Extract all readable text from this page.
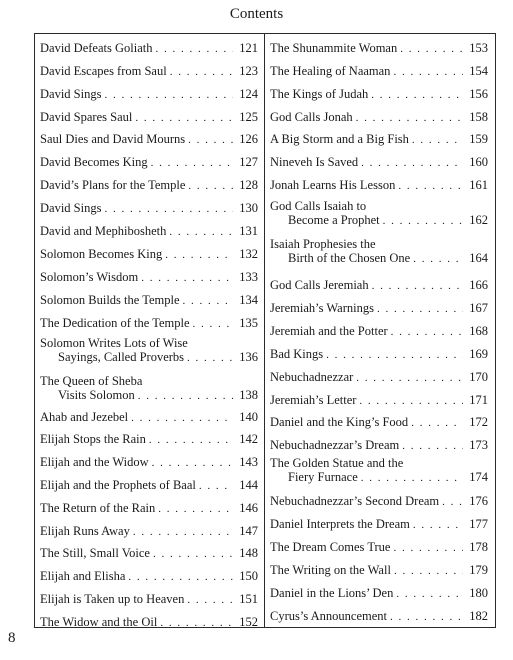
Contents
David Defeats Goliath . . .	121
David Escapes from Saul . . .	123
David Sings . . .	124
David Spares Saul . . .	125
Saul Dies and David Mourns . . .	126
David Becomes King . . .	127
David’s Plans for the Temple . . .	128
David Sings . . .	130
David and Mephibosheth . . .	131
Solomon Becomes King . . .	132
Solomon’s Wisdom . . .	133
Solomon Builds the Temple . . .	134
The Dedication of the Temple . . .	135
Solomon Writes Lots of Wise
Sayings, Called Proverbs . . .	136
The Queen of Sheba
Visits Solomon . . .	138
Ahab and Jezebel . . .	140
Elijah Stops the Rain . . .	142
Elijah and the Widow . . .	143
Elijah and the Prophets of Baal . . .	144
The Return of the Rain . . .	146
Elijah Runs Away . . .	147
The Still, Small Voice . . .	148
Elijah and Elisha . . .	150
Elijah is Taken up to Heaven . . .	151
The Widow and the Oil . . .	152
The Shunammite Woman . . .	153
The Healing of Naaman . . .	154
The Kings of Judah . . .	156
God Calls Jonah . . .	158
A Big Storm and a Big Fish . . .	159
Nineveh Is Saved . . .	160
Jonah Learns His Lesson . . .	161
God Calls Isaiah to
Become a Prophet . . .	162
Isaiah Prophesies the
Birth of the Chosen One . . .	164
God Calls Jeremiah . . .	166
Jeremiah’s Warnings . . .	167
Jeremiah and the Potter . . .	168
Bad Kings . . .	169
Nebuchadnezzar . . .	170
Jeremiah’s Letter . . .	171
Daniel and the King’s Food . . .	172
Nebuchadnezzar’s Dream . . .	173
The Golden Statue and the
Fiery Furnace . . .	174
Nebuchadnezzar’s Second Dream . . . 176
Daniel Interprets the Dream . . .	177
The Dream Comes True . . .	178
The Writing on the Wall . . .	179
Daniel in the Lions’ Den . . .	180
Cyrus’s Announcement . . .	182
8
